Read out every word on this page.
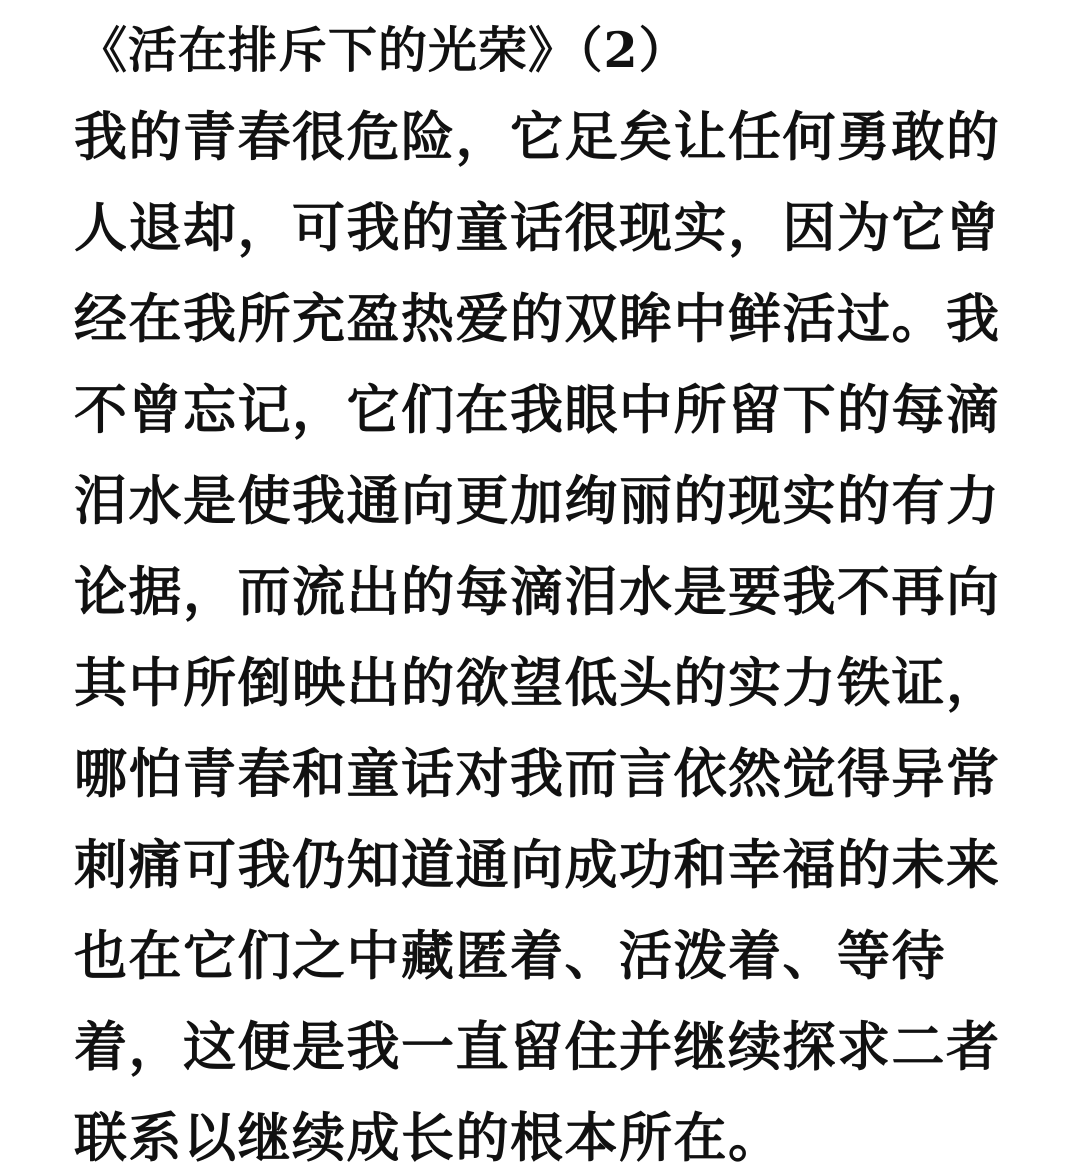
《活在排斥下的光荣》（2）
我的青春很危险，它足矣让任何勇敢的
人退却，可我的童话很现实，因为它曾
经在我所充盈热爱的双眸中鲜活过。我
不曾忘记，它们在我眼中所留下的每滴
泪水是使我通向更加绚丽的现实的有力
论据，而流出的每滴泪水是要我不再向
其中所倒映出的欲望低头的实力铁证，
哪怕青春和童话对我而言依然觉得异常
刺痛可我仍知道通向成功和幸福的未来
也在它们之中藏匿着、活泼着、等待
着，这便是我一直留住并继续探求二者
联系以继续成长的根本所在。
